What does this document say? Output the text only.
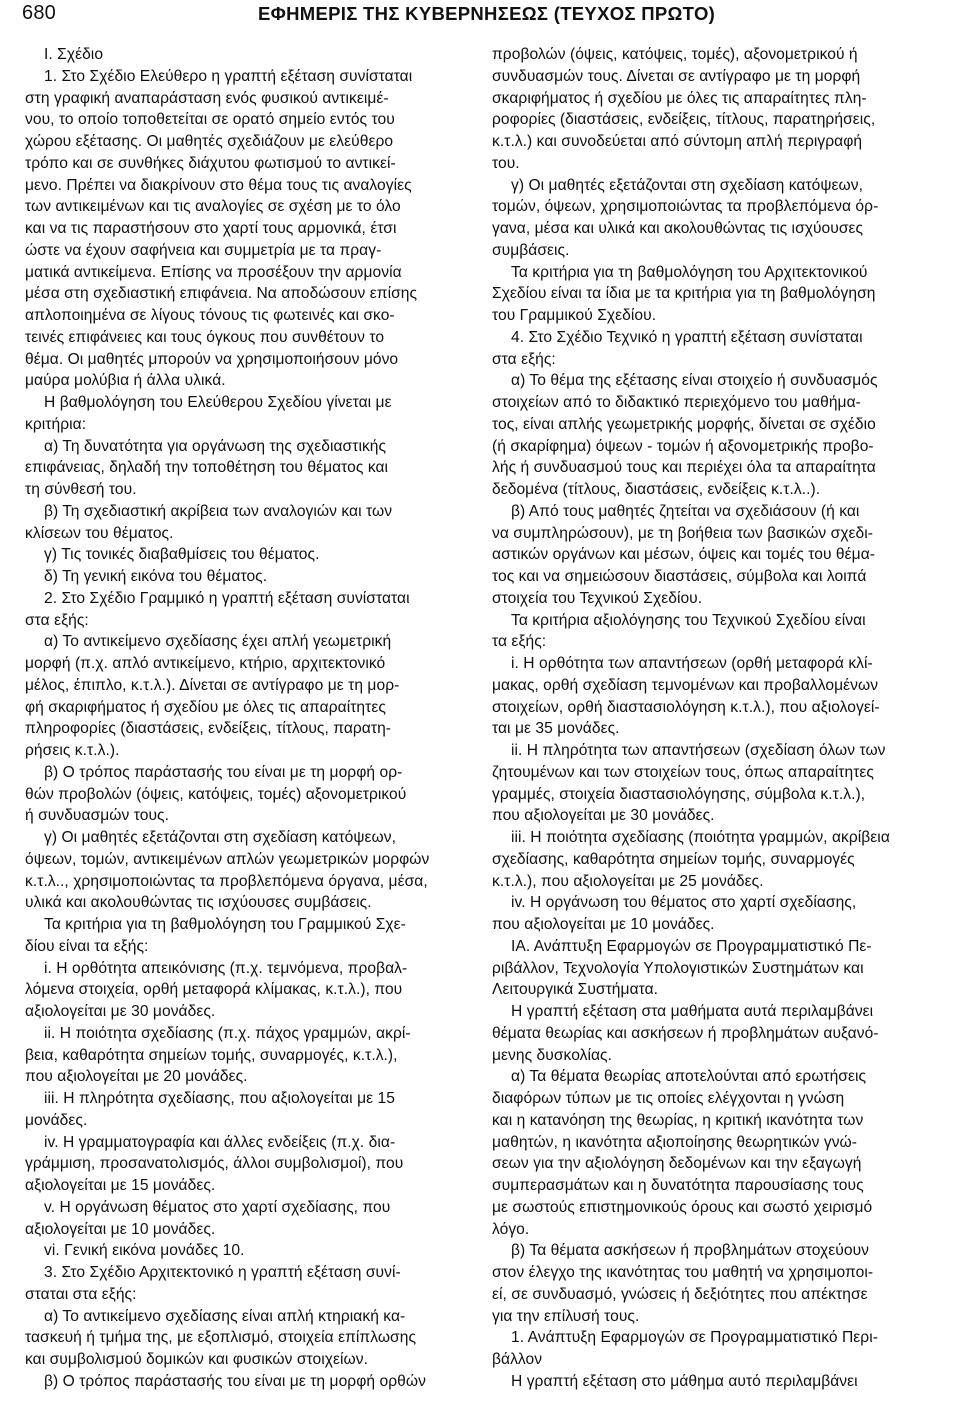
680	ΕΦΗΜΕΡΙΣ ΤΗΣ ΚΥΒΕΡΝΗΣΕΩΣ (ΤΕΥΧΟΣ ΠΡΩΤΟ)
Ι. Σχέδιο
1. Στο Σχέδιο Ελεύθερο η γραπτή εξέταση συνίσταται
στη γραφική αναπαράσταση ενός φυσικού αντικειμέ-
νου, το οποίο τοποθετείται σε ορατό σημείο εντός του
χώρου εξέτασης. Οι μαθητές σχεδιάζουν με ελεύθερο
τρόπο και σε συνθήκες διάχυτου φωτισμού το αντικεί-
μενο. Πρέπει να διακρίνουν στο θέμα τους τις αναλογίες
των αντικειμένων και τις αναλογίες σε σχέση με το όλο
και να τις παραστήσουν στο χαρτί τους αρμονικά, έτσι
ώστε να έχουν σαφήνεια και συμμετρία με τα πραγ-
ματικά αντικείμενα. Επίσης να προσέξουν την αρμονία
μέσα στη σχεδιαστική επιφάνεια. Να αποδώσουν επίσης
απλοποιημένα σε λίγους τόνους τις φωτεινές και σκο-
τεινές επιφάνειες και τους όγκους που συνθέτουν το
θέμα. Οι μαθητές μπορούν να χρησιμοποιήσουν μόνο
μαύρα μολύβια ή άλλα υλικά.
Η βαθμολόγηση του Ελεύθερου Σχεδίου γίνεται με
κριτήρια:
α) Τη δυνατότητα για οργάνωση της σχεδιαστικής
επιφάνειας, δηλαδή την τοποθέτηση του θέματος και
τη σύνθεσή του.
β) Τη σχεδιαστική ακρίβεια των αναλογιών και των
κλίσεων του θέματος.
γ) Τις τονικές διαβαθμίσεις του θέματος.
δ) Τη γενική εικόνα του θέματος.
2. Στο Σχέδιο Γραμμικό η γραπτή εξέταση συνίσταται
στα εξής:
α) Το αντικείμενο σχεδίασης έχει απλή γεωμετρική
μορφή (π.χ. απλό αντικείμενο, κτήριο, αρχιτεκτονικό
μέλος, έπιπλο, κ.τ.λ.). Δίνεται σε αντίγραφο με τη μορ-
φή σκαριφήματος ή σχεδίου με όλες τις απαραίτητες
πληροφορίες (διαστάσεις, ενδείξεις, τίτλους, παρατη-
ρήσεις κ.τ.λ.).
β) Ο τρόπος παράστασής του είναι με τη μορφή ορ-
θών προβολών (όψεις, κατόψεις, τομές) αξονομετρικού
ή συνδυασμών τους.
γ) Οι μαθητές εξετάζονται στη σχεδίαση κατόψεων,
όψεων, τομών, αντικειμένων απλών γεωμετρικών μορφών
κ.τ.λ.., χρησιμοποιώντας τα προβλεπόμενα όργανα, μέσα,
υλικά και ακολουθώντας τις ισχύουσες συμβάσεις.
Τα κριτήρια για τη βαθμολόγηση του Γραμμικού Σχε-
δίου είναι τα εξής:
i. Η ορθότητα απεικόνισης (π.χ. τεμνόμενα, προβαλ-
λόμενα στοιχεία, ορθή μεταφορά κλίμακας, κ.τ.λ.), που
αξιολογείται με 30 μονάδες.
ii. Η ποιότητα σχεδίασης (π.χ. πάχος γραμμών, ακρί-
βεια, καθαρότητα σημείων τομής, συναρμογές, κ.τ.λ.),
που αξιολογείται με 20 μονάδες.
iii. Η πληρότητα σχεδίασης, που αξιολογείται με 15
μονάδες.
iv. Η γραμματογραφία και άλλες ενδείξεις (π.χ. δια-
γράμμιση, προσανατολισμός, άλλοι συμβολισμοί), που
αξιολογείται με 15 μονάδες.
v. Η οργάνωση θέματος στο χαρτί σχεδίασης, που
αξιολογείται με 10 μονάδες.
vi. Γενική εικόνα μονάδες 10.
3. Στο Σχέδιο Αρχιτεκτονικό η γραπτή εξέταση συνί-
σταται στα εξής:
α) Το αντικείμενο σχεδίασης είναι απλή κτηριακή κα-
τασκευή ή τμήμα της, με εξοπλισμό, στοιχεία επίπλωσης
και συμβολισμού δομικών και φυσικών στοιχείων.
β) Ο τρόπος παράστασής του είναι με τη μορφή ορθών
προβολών (όψεις, κατόψεις, τομές), αξονομετρικού ή
συνδυασμών τους. Δίνεται σε αντίγραφο με τη μορφή
σκαριφήματος ή σχεδίου με όλες τις απαραίτητες πλη-
ροφορίες (διαστάσεις, ενδείξεις, τίτλους, παρατηρήσεις,
κ.τ.λ.) και συνοδεύεται από σύντομη απλή περιγραφή
του.
γ) Οι μαθητές εξετάζονται στη σχεδίαση κατόψεων,
τομών, όψεων, χρησιμοποιώντας τα προβλεπόμενα όρ-
γανα, μέσα και υλικά και ακολουθώντας τις ισχύουσες
συμβάσεις.
Τα κριτήρια για τη βαθμολόγηση του Αρχιτεκτονικού
Σχεδίου είναι τα ίδια με τα κριτήρια για τη βαθμολόγηση
του Γραμμικού Σχεδίου.
4. Στο Σχέδιο Τεχνικό η γραπτή εξέταση συνίσταται
στα εξής:
α) Το θέμα της εξέτασης είναι στοιχείο ή συνδυασμός
στοιχείων από το διδακτικό περιεχόμενο του μαθήμα-
τος, είναι απλής γεωμετρικής μορφής, δίνεται σε σχέδιο
(ή σκαρίφημα) όψεων - τομών ή αξονομετρικής προβο-
λής ή συνδυασμού τους και περιέχει όλα τα απαραίτητα
δεδομένα (τίτλους, διαστάσεις, ενδείξεις κ.τ.λ..).
β) Από τους μαθητές ζητείται να σχεδιάσουν (ή και
να συμπληρώσουν), με τη βοήθεια των βασικών σχεδι-
αστικών οργάνων και μέσων, όψεις και τομές του θέμα-
τος και να σημειώσουν διαστάσεις, σύμβολα και λοιπά
στοιχεία του Τεχνικού Σχεδίου.
Τα κριτήρια αξιολόγησης του Τεχνικού Σχεδίου είναι
τα εξής:
i. Η ορθότητα των απαντήσεων (ορθή μεταφορά κλί-
μακας, ορθή σχεδίαση τεμνομένων και προβαλλομένων
στοιχείων, ορθή διαστασιολόγηση κ.τ.λ.), που αξιολογεί-
ται με 35 μονάδες.
ii. Η πληρότητα των απαντήσεων (σχεδίαση όλων των
ζητουμένων και των στοιχείων τους, όπως απαραίτητες
γραμμές, στοιχεία διαστασιολόγησης, σύμβολα κ.τ.λ.),
που αξιολογείται με 30 μονάδες.
iii. Η ποιότητα σχεδίασης (ποιότητα γραμμών, ακρίβεια
σχεδίασης, καθαρότητα σημείων τομής, συναρμογές
κ.τ.λ.), που αξιολογείται με 25 μονάδες.
iv. Η οργάνωση του θέματος στο χαρτί σχεδίασης,
που αξιολογείται με 10 μονάδες.
ΙΑ. Ανάπτυξη Εφαρμογών σε Προγραμματιστικό Πε-
ριβάλλον, Τεχνολογία Υπολογιστικών Συστημάτων και
Λειτουργικά Συστήματα.
Η γραπτή εξέταση στα μαθήματα αυτά περιλαμβάνει
θέματα θεωρίας και ασκήσεων ή προβλημάτων αυξανό-
μενης δυσκολίας.
α) Τα θέματα θεωρίας αποτελούνται από ερωτήσεις
διαφόρων τύπων με τις οποίες ελέγχονται η γνώση
και η κατανόηση της θεωρίας, η κριτική ικανότητα των
μαθητών, η ικανότητα αξιοποίησης θεωρητικών γνώ-
σεων για την αξιολόγηση δεδομένων και την εξαγωγή
συμπερασμάτων και η δυνατότητα παρουσίασης τους
με σωστούς επιστημονικούς όρους και σωστό χειρισμό
λόγο.
β) Τα θέματα ασκήσεων ή προβλημάτων στοχεύουν
στον έλεγχο της ικανότητας του μαθητή να χρησιμοποι-
εί, σε συνδυασμό, γνώσεις ή δεξιότητες που απέκτησε
για την επίλυσή τους.
1. Ανάπτυξη Εφαρμογών σε Προγραμματιστικό Περι-
βάλλον
Η γραπτή εξέταση στο μάθημα αυτό περιλαμβάνει
